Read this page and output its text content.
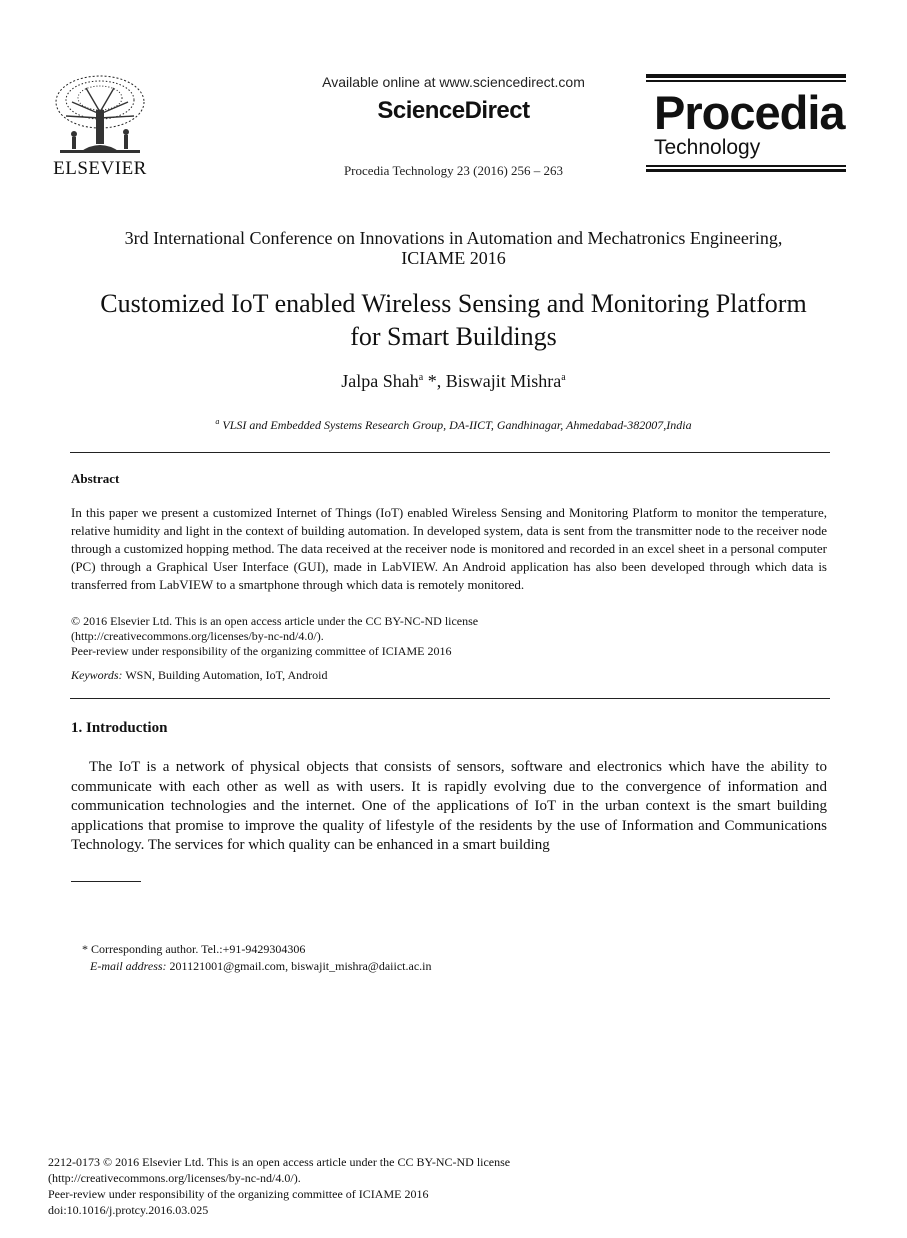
ELSEVIER
Available online at www.sciencedirect.com
ScienceDirect
Procedia Technology 23 (2016) 256 – 263
Procedia
Technology
3rd International Conference on Innovations in Automation and Mechatronics Engineering,
ICIAME 2016
Customized IoT enabled Wireless Sensing and Monitoring Platform
for Smart Buildings
Jalpa Shah$^a$ *, Biswajit Mishra$^a$
$^a$ VLSI and Embedded Systems Research Group, DA-IICT, Gandhinagar, Ahmedabad-382007,India
Abstract
In this paper we present a customized Internet of Things (IoT) enabled Wireless Sensing and Monitoring Platform to monitor the temperature, relative humidity and light in the context of building automation. In developed system, data is sent from the transmitter node to the receiver node through a customized hopping method. The data received at the receiver node is monitored and recorded in an excel sheet in a personal computer (PC) through a Graphical User Interface (GUI), made in LabVIEW. An Android application has also been developed through which data is transferred from LabVIEW to a smartphone through which data is remotely monitored.
© 2016 Elsevier Ltd. This is an open access article under the CC BY-NC-ND license
(http://creativecommons.org/licenses/by-nc-nd/4.0/).
Peer-review under responsibility of the organizing committee of ICIAME 2016
Keywords: WSN, Building Automation, IoT, Android
1. Introduction
The IoT is a network of physical objects that consists of sensors, software and electronics which have the ability to communicate with each other as well as with users. It is rapidly evolving due to the convergence of information and communication technologies and the internet. One of the applications of IoT in the urban context is the smart building applications that promise to improve the quality of lifestyle of the residents by the use of Information and Communications Technology. The services for which quality can be enhanced in a smart building
* Corresponding author. Tel.:+91-9429304306
E-mail address: 201121001@gmail.com, biswajit_mishra@daiict.ac.in
2212-0173 © 2016 Elsevier Ltd. This is an open access article under the CC BY-NC-ND license
(http://creativecommons.org/licenses/by-nc-nd/4.0/).
Peer-review under responsibility of the organizing committee of ICIAME 2016
doi:10.1016/j.protcy.2016.03.025
